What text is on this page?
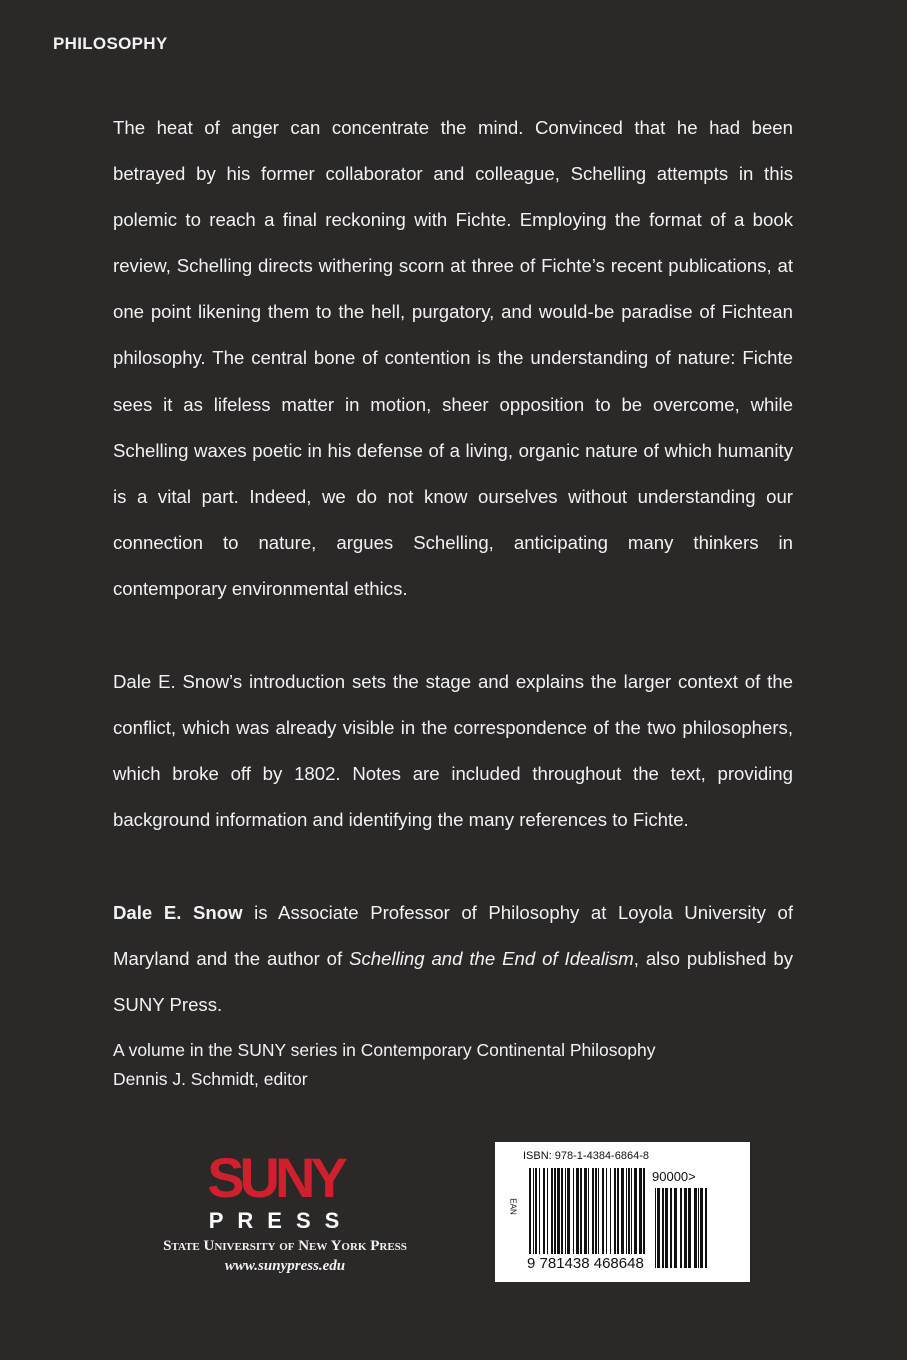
PHILOSOPHY
The heat of anger can concentrate the mind. Convinced that he had been betrayed by his former collaborator and colleague, Schelling attempts in this polemic to reach a final reckoning with Fichte. Employing the format of a book review, Schelling directs withering scorn at three of Fichte’s recent publications, at one point likening them to the hell, purgatory, and would-be paradise of Fichtean philosophy. The central bone of contention is the understanding of nature: Fichte sees it as lifeless matter in motion, sheer opposition to be overcome, while Schelling waxes poetic in his defense of a living, organic nature of which humanity is a vital part. Indeed, we do not know ourselves without understanding our connection to nature, argues Schelling, anticipating many thinkers in contemporary environmental ethics.
Dale E. Snow’s introduction sets the stage and explains the larger context of the conflict, which was already visible in the correspondence of the two philosophers, which broke off by 1802. Notes are included throughout the text, providing background information and identifying the many references to Fichte.
Dale E. Snow is Associate Professor of Philosophy at Loyola University of Maryland and the author of Schelling and the End of Idealism, also published by SUNY Press.
A volume in the SUNY series in Contemporary Continental Philosophy
Dennis J. Schmidt, editor
SUNY
PRESS
State University of New York Press
www.sunypress.edu
ISBN: 978-1-4384-6864-8
EAN
90000>
9 781438 468648
